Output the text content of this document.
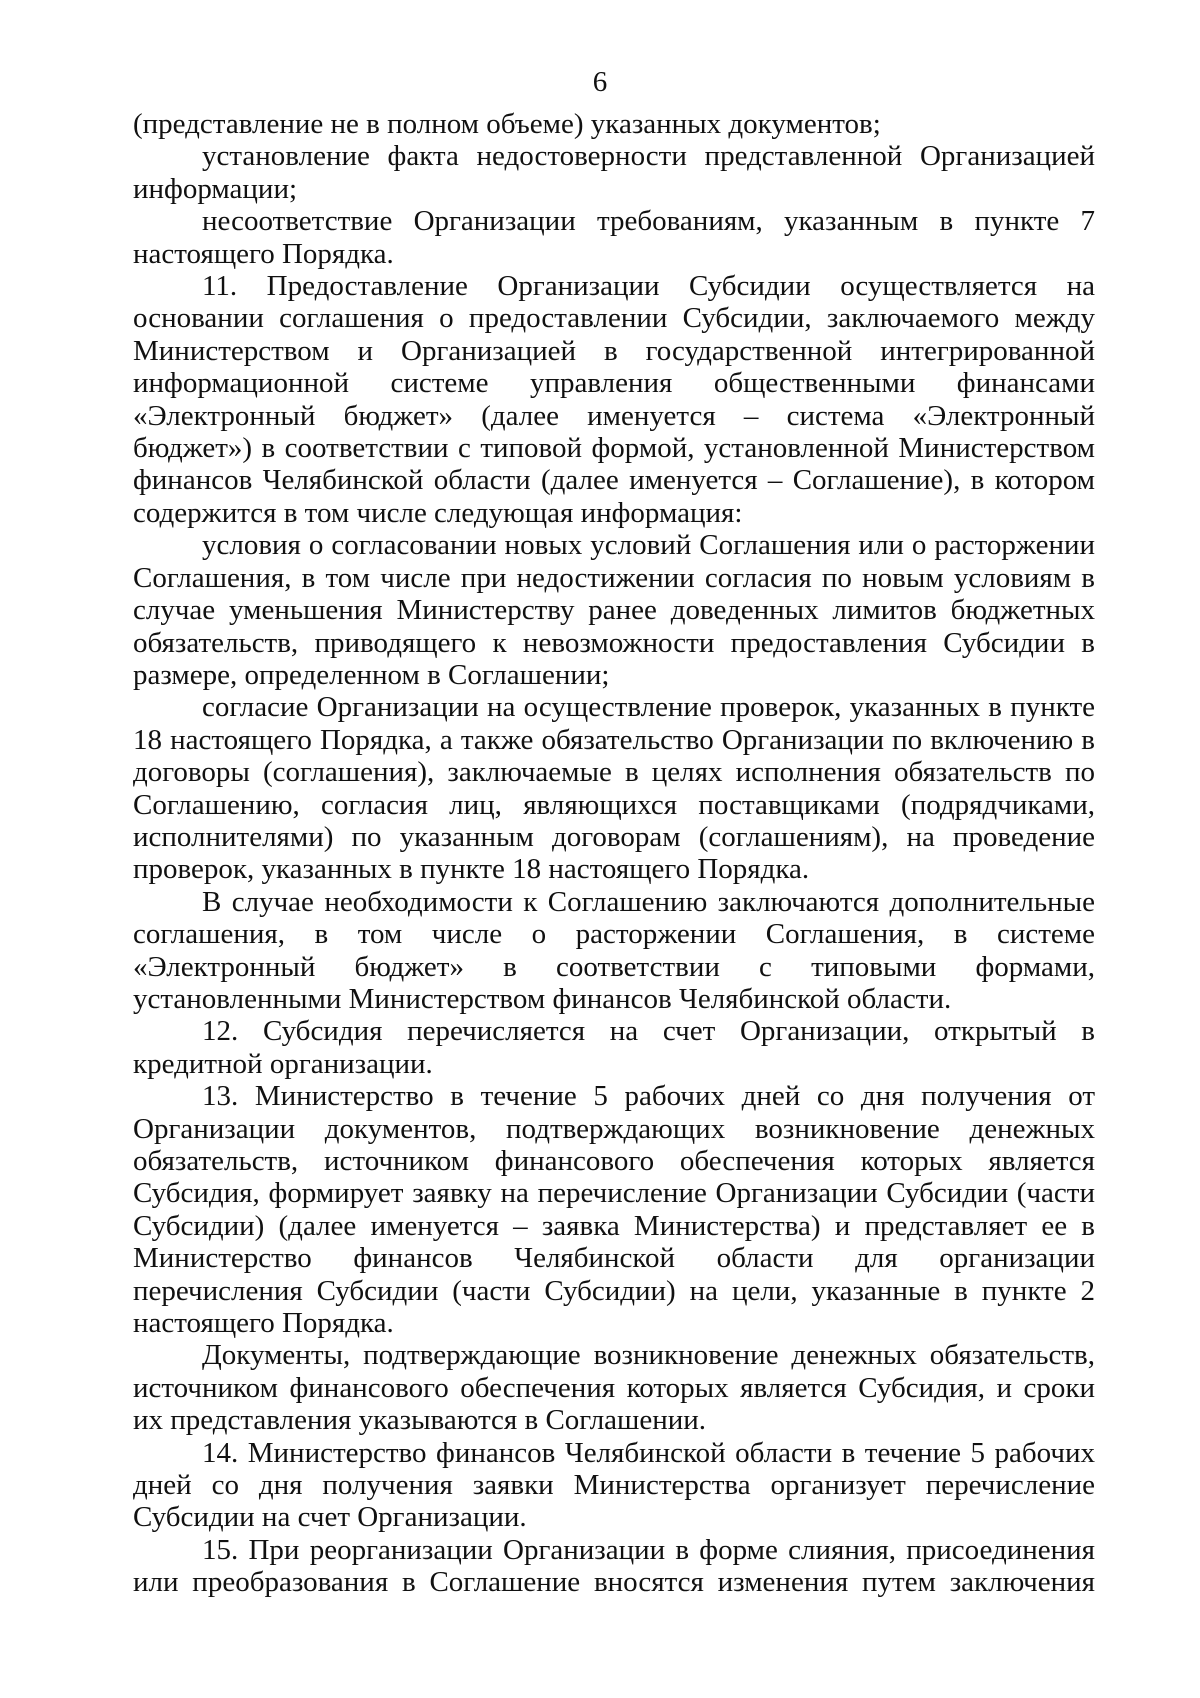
6

(представление не в полном объеме) указанных документов;

установление факта недостоверности представленной Организацией информации;

несоответствие Организации требованиям, указанным в пункте 7 настоящего Порядка.

11. Предоставление Организации Субсидии осуществляется на основании соглашения о предоставлении Субсидии, заключаемого между Министерством и Организацией в государственной интегрированной информационной системе управления общественными финансами «Электронный бюджет» (далее именуется – система «Электронный бюджет») в соответствии с типовой формой, установленной Министерством финансов Челябинской области (далее именуется – Соглашение), в котором содержится в том числе следующая информация:

условия о согласовании новых условий Соглашения или о расторжении Соглашения, в том числе при недостижении согласия по новым условиям в случае уменьшения Министерству ранее доведенных лимитов бюджетных обязательств, приводящего к невозможности предоставления Субсидии в размере, определенном в Соглашении;

согласие Организации на осуществление проверок, указанных в пункте 18 настоящего Порядка, а также обязательство Организации по включению в договоры (соглашения), заключаемые в целях исполнения обязательств по Соглашению, согласия лиц, являющихся поставщиками (подрядчиками, исполнителями) по указанным договорам (соглашениям), на проведение проверок, указанных в пункте 18 настоящего Порядка.

В случае необходимости к Соглашению заключаются дополнительные соглашения, в том числе о расторжении Соглашения, в системе «Электронный бюджет» в соответствии с типовыми формами, установленными Министерством финансов Челябинской области.

12. Субсидия перечисляется на счет Организации, открытый в кредитной организации.

13. Министерство в течение 5 рабочих дней со дня получения от Организации документов, подтверждающих возникновение денежных обязательств, источником финансового обеспечения которых является Субсидия, формирует заявку на перечисление Организации Субсидии (части Субсидии) (далее именуется – заявка Министерства) и представляет ее в Министерство финансов Челябинской области для организации перечисления Субсидии (части Субсидии) на цели, указанные в пункте 2 настоящего Порядка.

Документы, подтверждающие возникновение денежных обязательств, источником финансового обеспечения которых является Субсидия, и сроки их представления указываются в Соглашении.

14. Министерство финансов Челябинской области в течение 5 рабочих дней со дня получения заявки Министерства организует перечисление Субсидии на счет Организации.

15. При реорганизации Организации в форме слияния, присоединения или преобразования в Соглашение вносятся изменения путем заключения
